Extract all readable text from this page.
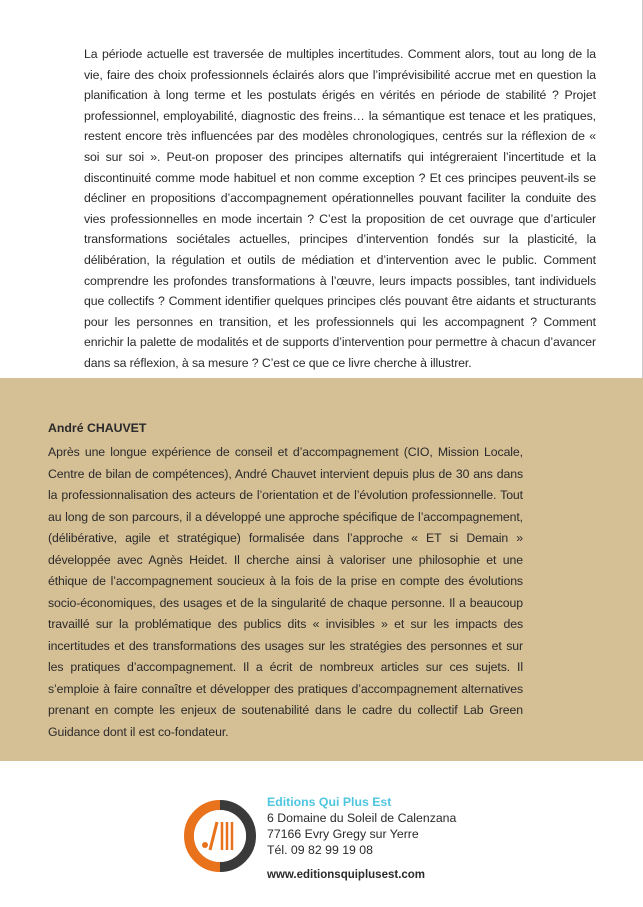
La période actuelle est traversée de multiples incertitudes. Comment alors, tout au long de la vie, faire des choix professionnels éclairés alors que l’imprévisibilité accrue met en question la planification à long terme et les postulats érigés en vérités en période de stabilité ? Projet professionnel, employabilité, diagnostic des freins… la sémantique est tenace et les pratiques, restent encore très influencées par des modèles chronologiques, centrés sur la réflexion de « soi sur soi ». Peut-on proposer des principes alternatifs qui intégreraient l’incertitude et la discontinuité comme mode habituel et non comme exception ? Et ces principes peuvent-ils se décliner en propositions d’accompagnement opérationnelles pouvant faciliter la conduite des vies professionnelles en mode incertain ? C’est la proposition de cet ouvrage que d’articuler transformations sociétales actuelles, principes d’intervention fondés sur la plasticité, la délibération, la régulation et outils de médiation et d’intervention avec le public. Comment comprendre les profondes transformations à l’œuvre, leurs impacts possibles, tant individuels que collectifs ? Comment identifier quelques principes clés pouvant être aidants et structurants pour les personnes en transition, et les professionnels qui les accompagnent ? Comment enrichir la palette de modalités et de supports d’intervention pour permettre à chacun d’avancer dans sa réflexion, à sa mesure ? C’est ce que ce livre cherche à illustrer.
André CHAUVET
Après une longue expérience de conseil et d’accompagnement (CIO, Mission Locale, Centre de bilan de compétences), André Chauvet intervient depuis plus de 30 ans dans la professionnalisation des acteurs de l’orientation et de l’évolution professionnelle. Tout au long de son parcours, il a développé une approche spécifique de l’accompagnement, (délibérative, agile et stratégique) formalisée dans l’approche « ET si Demain » développée avec Agnès Heidet. Il cherche ainsi à valoriser une philosophie et une éthique de l’accompagnement soucieux à la fois de la prise en compte des évolutions socio-économiques, des usages et de la singularité de chaque personne. Il a beaucoup travaillé sur la problématique des publics dits « invisibles » et sur les impacts des incertitudes et des transformations des usages sur les stratégies des personnes et sur les pratiques d’accompagnement. Il a écrit de nombreux articles sur ces sujets. Il s’emploie à faire connaître et développer des pratiques d’accompagnement alternatives prenant en compte les enjeux de soutenabilité dans le cadre du collectif Lab Green Guidance dont il est co-fondateur.
Editions Qui Plus Est
6 Domaine du Soleil de Calenzana
77166 Evry Gregy sur Yerre
Tél. 09 82 99 19 08
www.editionsquiplusest.com
